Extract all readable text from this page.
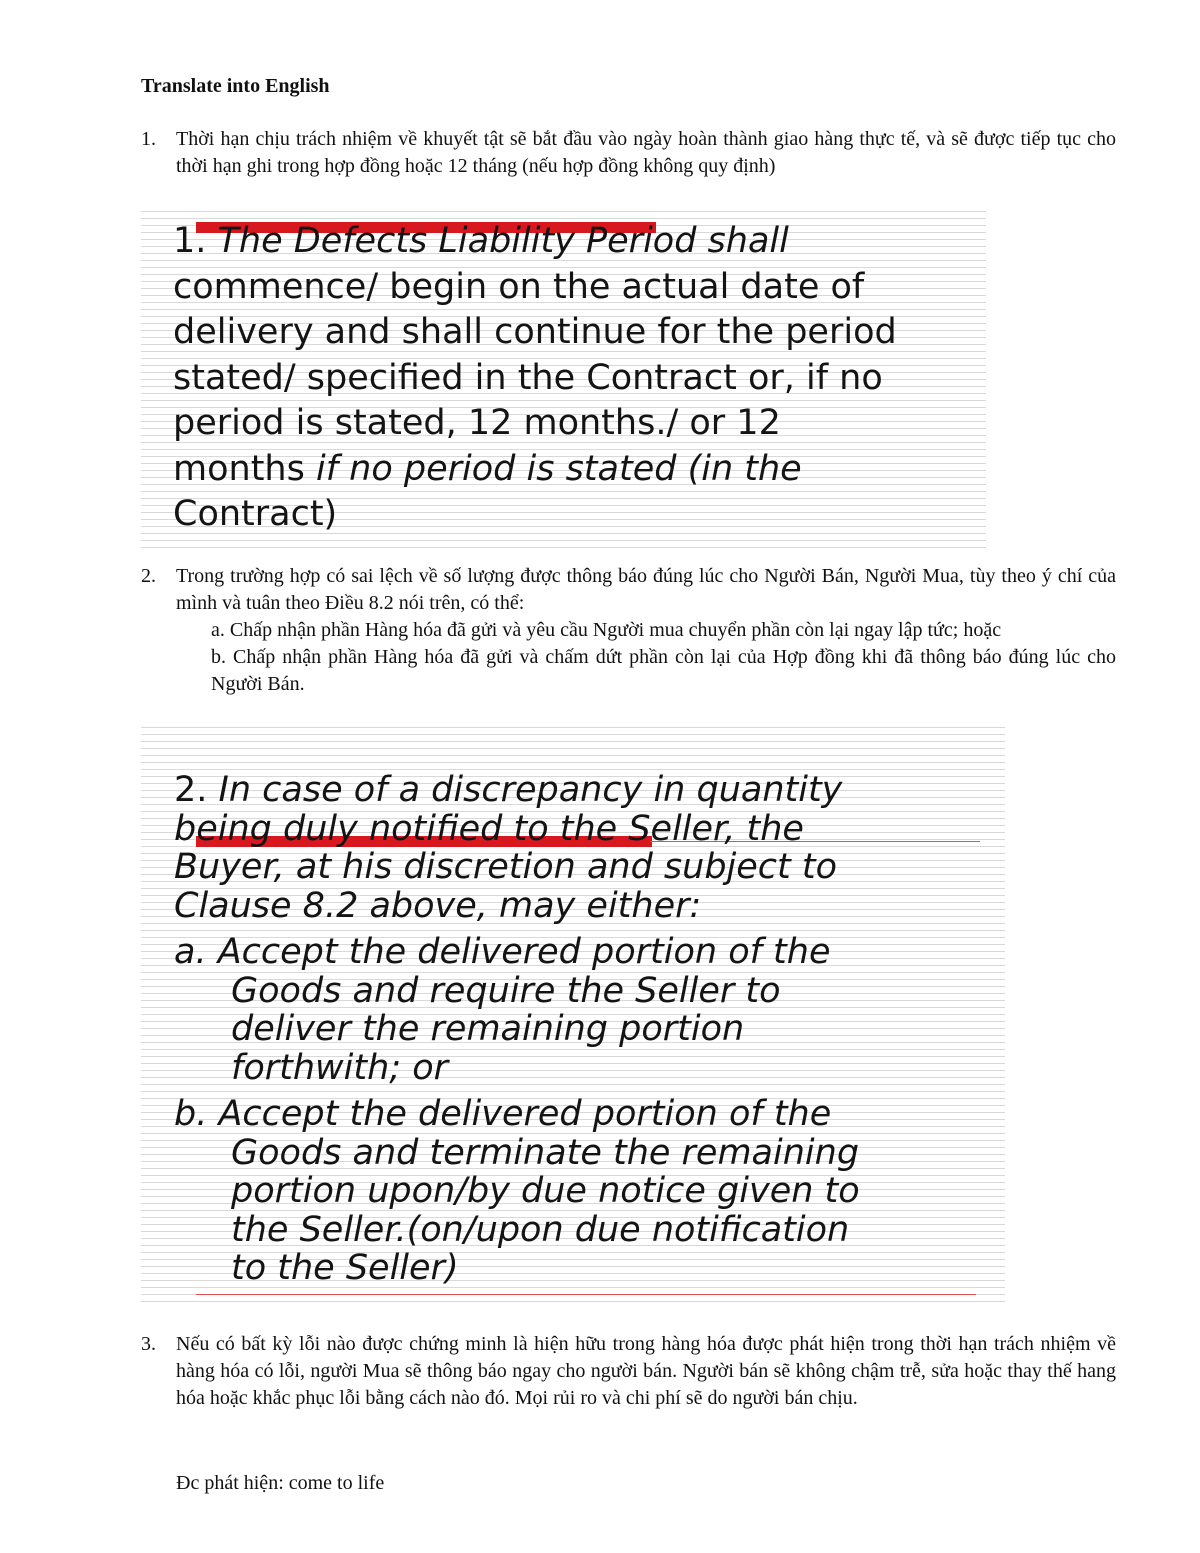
Translate into English
1. Thời hạn chịu trách nhiệm về khuyết tật sẽ bắt đầu vào ngày hoàn thành giao hàng thực tế, và sẽ được tiếp tục cho thời hạn ghi trong hợp đồng hoặc 12 tháng (nếu hợp đồng không quy định)
1. The Defects Liability Period shall
commence/ begin on the actual date of
delivery and shall continue for the period
stated/ specified in the Contract or, if no
period is stated, 12 months./ or 12
months if no period is stated (in the
Contract)
2. Trong trường hợp có sai lệch về số lượng được thông báo đúng lúc cho Người Bán, Người Mua, tùy theo ý chí của mình và tuân theo Điều 8.2 nói trên, có thể:
a. Chấp nhận phần Hàng hóa đã gửi và yêu cầu Người mua chuyển phần còn lại ngay lập tức; hoặc
b. Chấp nhận phần Hàng hóa đã gửi và chấm dứt phần còn lại của Hợp đồng khi đã thông báo đúng lúc cho Người Bán.
2. In case of a discrepancy in quantity
being duly notified to the Seller, the
Buyer, at his discretion and subject to
Clause 8.2 above, may either:
a. Accept the delivered portion of the
Goods and require the Seller to
deliver the remaining portion
forthwith; or
b. Accept the delivered portion of the
Goods and terminate the remaining
portion upon/by due notice given to
the Seller.(on/upon due notification
to the Seller)
3. Nếu có bất kỳ lỗi nào được chứng minh là hiện hữu trong hàng hóa được phát hiện trong thời hạn trách nhiệm về hàng hóa có lỗi, người Mua sẽ thông báo ngay cho người bán. Người bán sẽ không chậm trễ, sửa hoặc thay thế hang hóa hoặc khắc phục lỗi bằng cách nào đó. Mọi rủi ro và chi phí sẽ do người bán chịu.
Đc phát hiện: come to life
